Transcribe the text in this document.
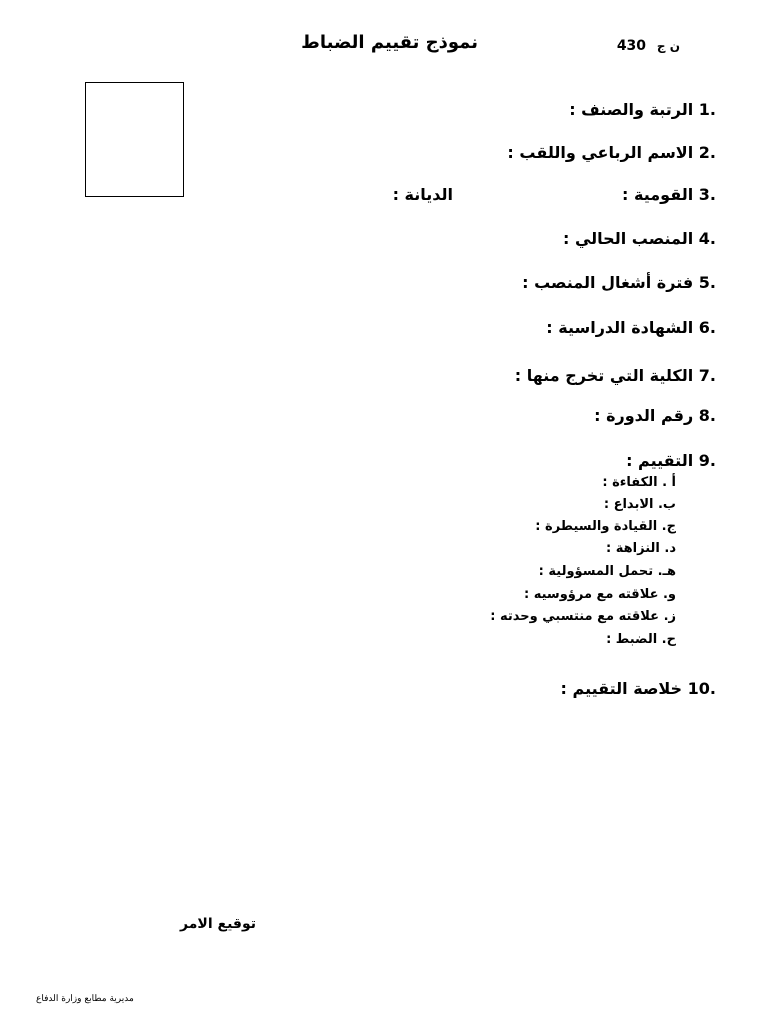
نموذج تقييم الضباط	ن ج 430
1. الرتبة والصنف :
2. الاسم الرباعي واللقب :
3. القومية :
الديانة :
4. المنصب الحالي :
5. فترة أشغال المنصب :
6. الشهادة الدراسية :
7. الكلية التي تخرج منها :
8. رقم الدورة :
9. التقييم :
أ . الكفاءة :
ب. الابداع :
ج. القيادة والسيطرة :
د. النزاهة :
هـ. تحمل المسؤولية :
و. علاقته مع مرؤوسيه :
ز. علاقته مع منتسبي وحدته :
ح. الضبط :
10. خلاصة التقييم :
توقيع الامر
مديرية مطابع وزارة الدفاع
